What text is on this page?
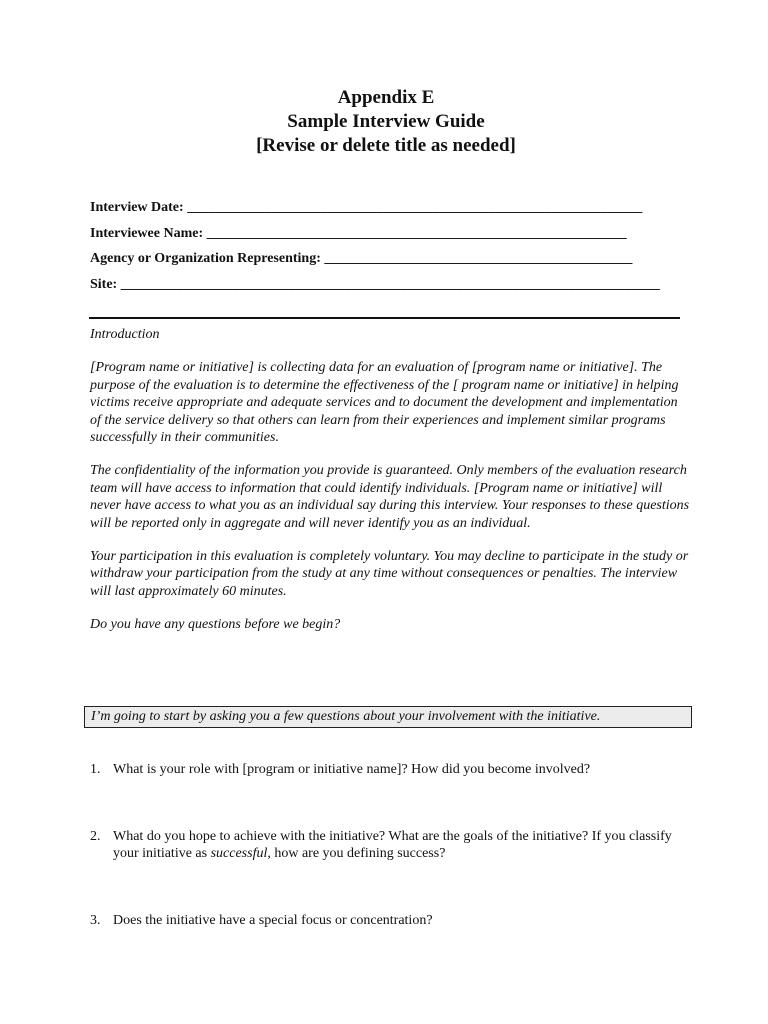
Appendix E
Sample Interview Guide
[Revise or delete title as needed]
Interview Date: _________________________________________________________________
Interviewee Name: ____________________________________________________________
Agency or Organization Representing: ____________________________________________
Site: _____________________________________________________________________________

Introduction

[Program name or initiative] is collecting data for an evaluation of [program name or initiative]. The purpose of the evaluation is to determine the effectiveness of the [ program name or initiative] in helping victims receive appropriate and adequate services and to document the development and implementation of the service delivery so that others can learn from their experiences and implement similar programs successfully in their communities.

The confidentiality of the information you provide is guaranteed. Only members of the evaluation research team will have access to information that could identify individuals. [Program name or initiative] will never have access to what you as an individual say during this interview. Your responses to these questions will be reported only in aggregate and will never identify you as an individual.

Your participation in this evaluation is completely voluntary. You may decline to participate in the study or withdraw your participation from the study at any time without consequences or penalties. The interview will last approximately 60 minutes.

Do you have any questions before we begin?

I’m going to start by asking you a few questions about your involvement with the initiative.
1. What is your role with [program or initiative name]? How did you become involved?
2. What do you hope to achieve with the initiative? What are the goals of the initiative? If you classify your initiative as successful, how are you defining success?
3. Does the initiative have a special focus or concentration?
